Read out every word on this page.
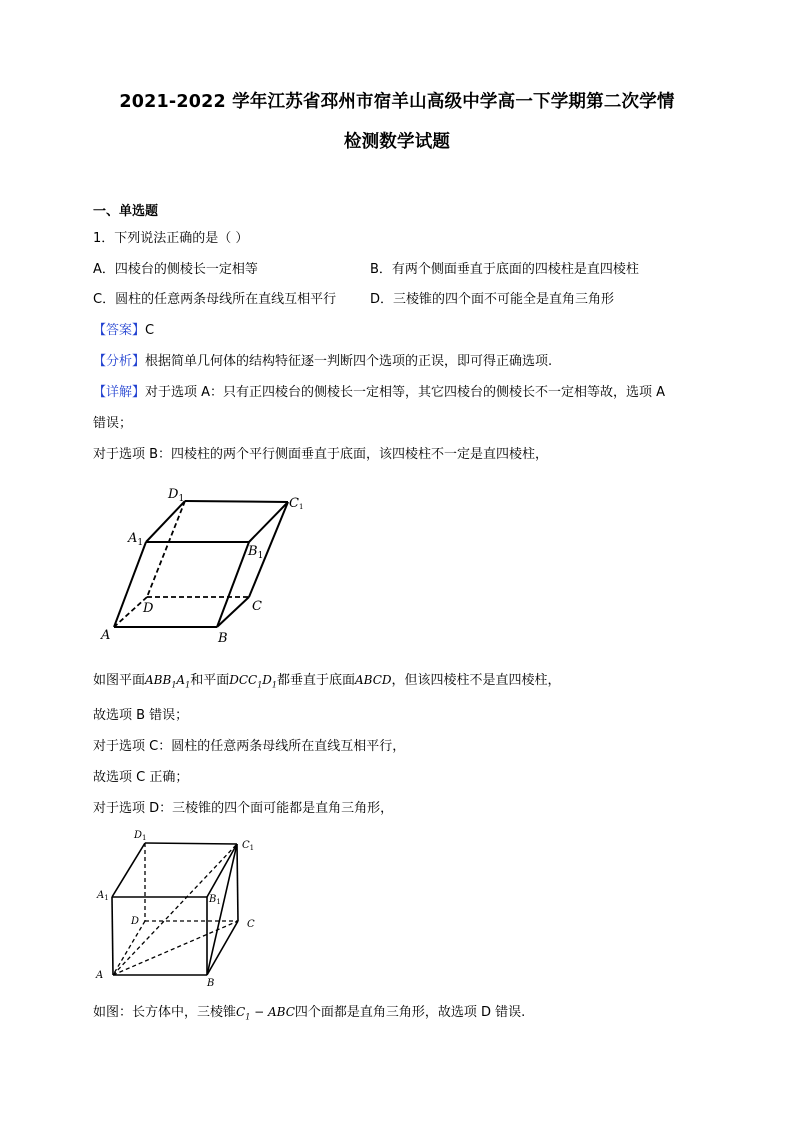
2021-2022 学年江苏省邳州市宿羊山高级中学高一下学期第二次学情
检测数学试题
一、单选题
1．下列说法正确的是（ ）
A．四棱台的侧棱长一定相等	B．有两个侧面垂直于底面的四棱柱是直四棱柱
C．圆柱的任意两条母线所在直线互相平行	D．三棱锥的四个面不可能全是直角三角形
【答案】C
【分析】根据简单几何体的结构特征逐一判断四个选项的正误，即可得正确选项.
【详解】对于选项 A：只有正四棱台的侧棱长一定相等，其它四棱台的侧棱长不一定相等故，选项 A
错误；
对于选项 B：四棱柱的两个平行侧面垂直于底面，该四棱柱不一定是直四棱柱，
$D_1$	C1
$A_1$
$B_1$
D	C
A	B
如图平面$ABB_1A_1$和平面$DCC_1D_1$都垂直于底面ABCD，但该四棱柱不是直四棱柱，
故选项 B 错误；
对于选项 C：圆柱的任意两条母线所在直线互相平行，
故选项 C 正确；
对于选项 D：三棱锥的四个面可能都是直角三角形，
$D_1$
$C_1$
$A_1$	$B_1$
D	C
A
B
如图：长方体中，三棱锥$C_1$ − ABC四个面都是直角三角形，故选项 D 错误.
